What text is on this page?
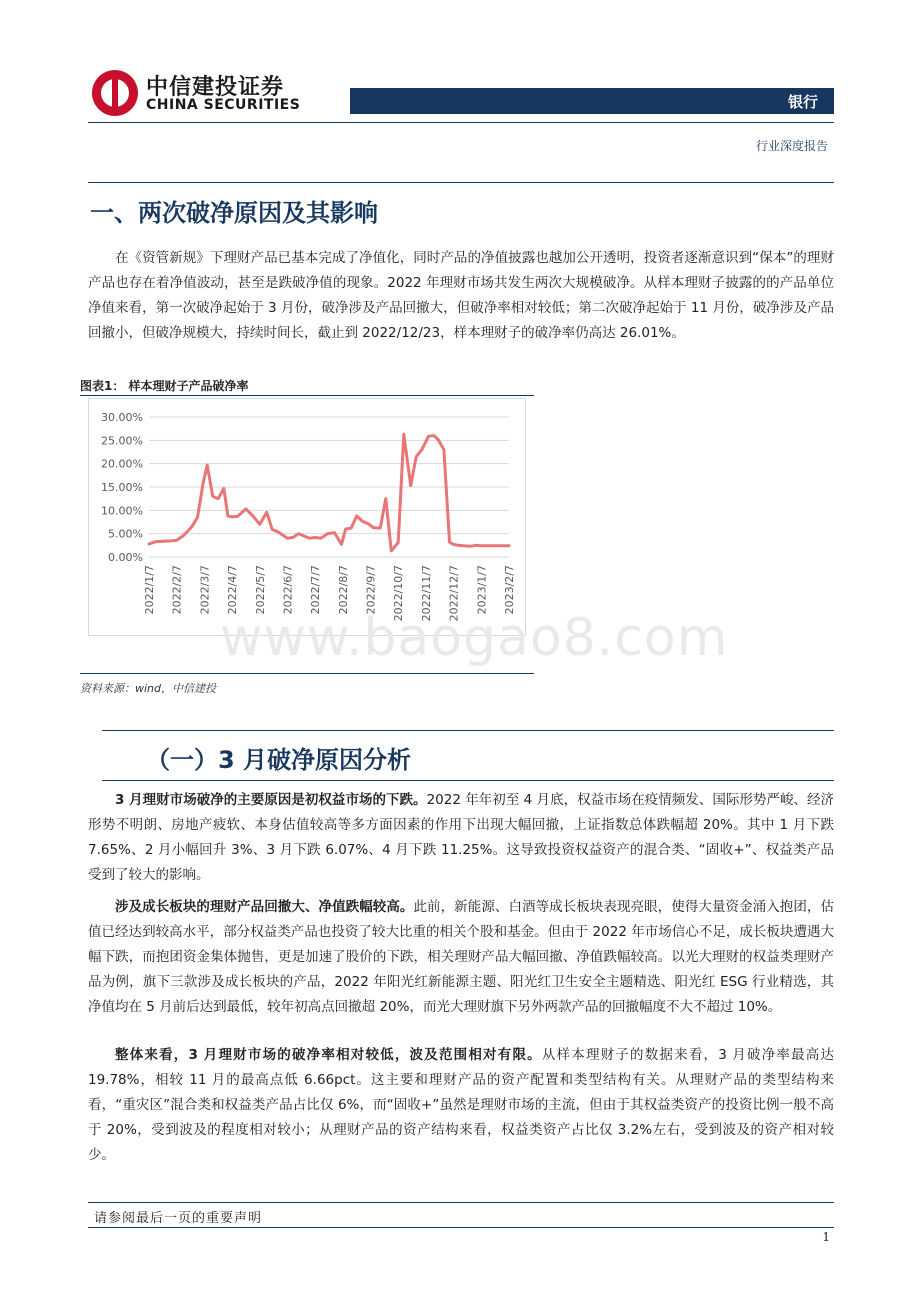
中信建投证券
CHINA SECURITIES	银行
行业深度报告
一、两次破净原因及其影响

在《资管新规》下理财产品已基本完成了净值化，同时产品的净值披露也越加公开透明，投资者逐渐意识到“保本”的理财产品也存在着净值波动，甚至是跌破净值的现象。2022 年理财市场共发生两次大规模破净。从样本理财子披露的的产品单位净值来看，第一次破净起始于 3 月份，破净涉及产品回撤大，但破净率相对较低；第二次破净起始于 11 月份，破净涉及产品回撤小，但破净规模大，持续时间长，截止到 2022/12/23，样本理财子的破净率仍高达 26.01%。

图表1： 样本理财子产品破净率
0.00%
5.00%
10.00%
15.00%
20.00%
25.00%
30.00%
2022/1/7 2022/2/7 2022/3/7 2022/4/7 2022/5/7 2022/6/7 2022/7/7 2022/8/7 2022/9/7 2022/10/7 2022/11/7 2022/12/7 2023/1/7 2023/2/7
www.baogao8.com
资料来源：wind，中信建投
（一）3 月破净原因分析

3 月理财市场破净的主要原因是初权益市场的下跌。2022 年年初至 4 月底，权益市场在疫情频发、国际形势严峻、经济形势不明朗、房地产疲软、本身估值较高等多方面因素的作用下出现大幅回撤，上证指数总体跌幅超 20%。其中 1 月下跌 7.65%、2 月小幅回升 3%、3 月下跌 6.07%、4 月下跌 11.25%。这导致投资权益资产的混合类、“固收+”、权益类产品受到了较大的影响。

涉及成长板块的理财产品回撤大、净值跌幅较高。此前，新能源、白酒等成长板块表现亮眼，使得大量资金涌入抱团，估值已经达到较高水平，部分权益类产品也投资了较大比重的相关个股和基金。但由于 2022 年市场信心不足，成长板块遭遇大幅下跌，而抱团资金集体抛售，更是加速了股价的下跌，相关理财产品大幅回撤、净值跌幅较高。以光大理财的权益类理财产品为例，旗下三款涉及成长板块的产品，2022 年阳光红新能源主题、阳光红卫生安全主题精选、阳光红 ESG 行业精选，其净值均在 5 月前后达到最低，较年初高点回撤超 20%，而光大理财旗下另外两款产品的回撤幅度不大不超过 10%。

整体来看，3 月理财市场的破净率相对较低，波及范围相对有限。从样本理财子的数据来看，3 月破净率最高达 19.78%，相较 11 月的最高点低 6.66pct。这主要和理财产品的资产配置和类型结构有关。从理财产品的类型结构来看，“重灾区”混合类和权益类产品占比仅 6%，而“固收+”虽然是理财市场的主流，但由于其权益类资产的投资比例一般不高于 20%，受到波及的程度相对较小；从理财产品的资产结构来看，权益类资产占比仅 3.2%左右，受到波及的资产相对较少。

请参阅最后一页的重要声明
1
